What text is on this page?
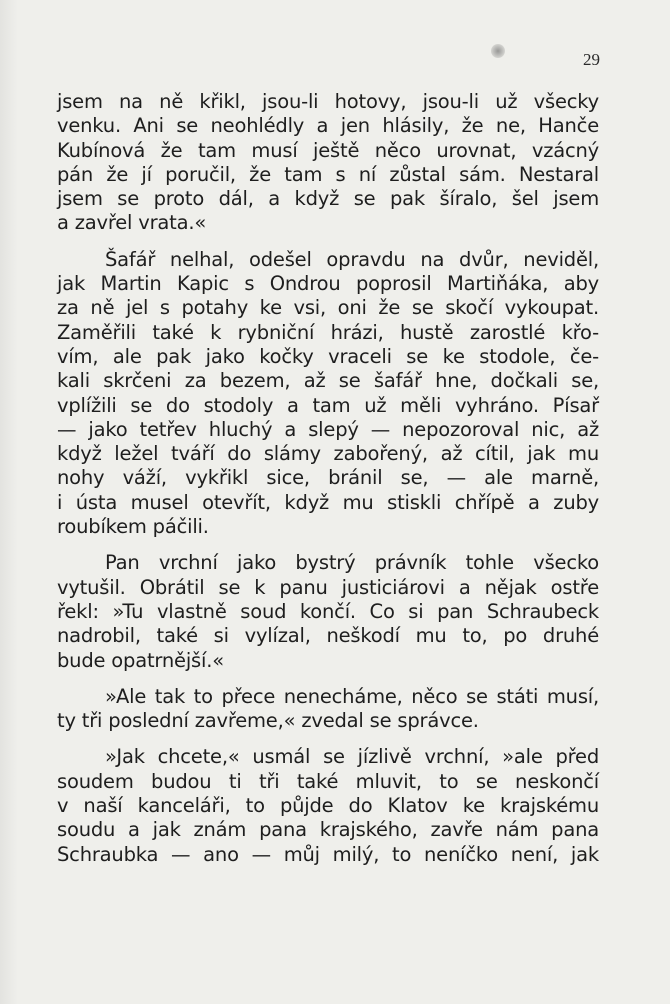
29

jsem na ně křikl, jsou-li hotovy, jsou-li už všecky
venku. Ani se neohlédly a jen hlásily, že ne, Hanče
Kubínová že tam musí ještě něco urovnat, vzácný
pán že jí poručil, že tam s ní zůstal sám. Nestaral
jsem se proto dál, a když se pak šíralo, šel jsem
a zavřel vrata.«

Šafář nelhal, odešel opravdu na dvůr, neviděl,
jak Martin Kapic s Ondrou poprosil Martiňáka, aby
za ně jel s potahy ke vsi, oni že se skočí vykoupat.
Zaměřili také k rybniční hrázi, hustě zarostlé křo-
vím, ale pak jako kočky vraceli se ke stodole, če-
kali skrčeni za bezem, až se šafář hne, dočkali se,
vplížili se do stodoly a tam už měli vyhráno. Písař
— jako tetřev hluchý a slepý — nepozoroval nic, až
když ležel tváří do slámy zabořený, až cítil, jak mu
nohy váží, vykřikl sice, bránil se, — ale marně,
i ústa musel otevřít, když mu stiskli chřípě a zuby
roubíkem páčili.

Pan vrchní jako bystrý právník tohle všecko
vytušil. Obrátil se k panu justiciárovi a nějak ostře
řekl: »Tu vlastně soud končí. Co si pan Schraubeck
nadrobil, také si vylízal, neškodí mu to, po druhé
bude opatrnější.«

»Ale tak to přece nenecháme, něco se státi musí,
ty tři poslední zavřeme,« zvedal se správce.

»Jak chcete,« usmál se jízlivě vrchní, »ale před
soudem budou ti tři také mluvit, to se neskončí
v naší kanceláři, to půjde do Klatov ke krajskému
soudu a jak znám pana krajského, zavře nám pana
Schraubka — ano — můj milý, to neníčko není, jak
